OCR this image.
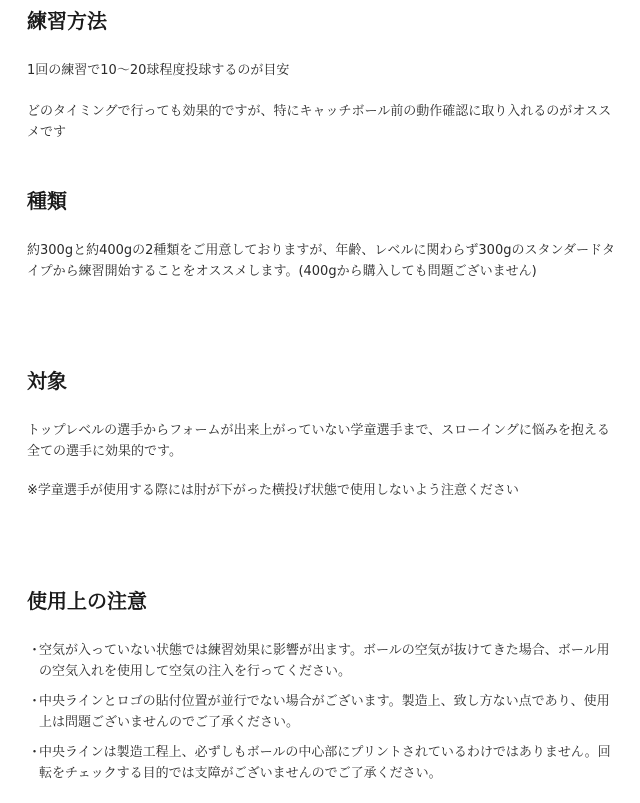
練習方法

1回の練習で10～20球程度投球するのが目安

どのタイミングで行っても効果的ですが、特にキャッチボール前の動作確認に取り入れるのがオススメです

種類

約300gと約400gの2種類をご用意しておりますが、年齢、レベルに関わらず300gのスタンダードタイプから練習開始することをオススメします。(400gから購入しても問題ございません)

対象

トップレベルの選手からフォームが出来上がっていない学童選手まで、スローイングに悩みを抱える全ての選手に効果的です。

※学童選手が使用する際には肘が下がった横投げ状態で使用しないよう注意ください

使用上の注意
・
空気が入っていない状態では練習効果に影響が出ます。ボールの空気が抜けてきた場合、ボール用の空気入れを使用して空気の注入を行ってください。
・
中央ラインとロゴの貼付位置が並行でない場合がございます。製造上、致し方ない点であり、使用上は問題ございませんのでご了承ください。
・
中央ラインは製造工程上、必ずしもボールの中心部にプリントされているわけではありません。回転をチェックする目的では支障がございませんのでご了承ください。
